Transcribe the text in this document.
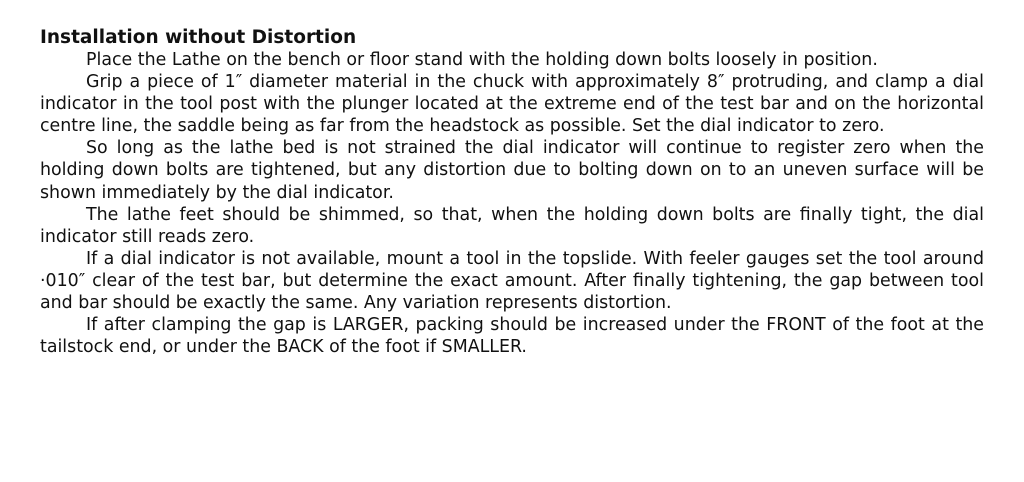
Installation without Distortion

Place the Lathe on the bench or floor stand with the holding down bolts loosely in position.

Grip a piece of 1″ diameter material in the chuck with approximately 8″ protruding, and clamp a dial indicator in the tool post with the plunger located at the extreme end of the test bar and on the horizontal centre line, the saddle being as far from the headstock as possible. Set the dial indicator to zero.

So long as the lathe bed is not strained the dial indicator will continue to register zero when the holding down bolts are tightened, but any distortion due to bolting down on to an uneven surface will be shown immediately by the dial indicator.

The lathe feet should be shimmed, so that, when the holding down bolts are finally tight, the dial indicator still reads zero.

If a dial indicator is not available, mount a tool in the topslide. With feeler gauges set the tool around ·010″ clear of the test bar, but determine the exact amount. After finally tightening, the gap between tool and bar should be exactly the same. Any variation represents distortion.

If after clamping the gap is LARGER, packing should be increased under the FRONT of the foot at the tailstock end, or under the BACK of the foot if SMALLER.
